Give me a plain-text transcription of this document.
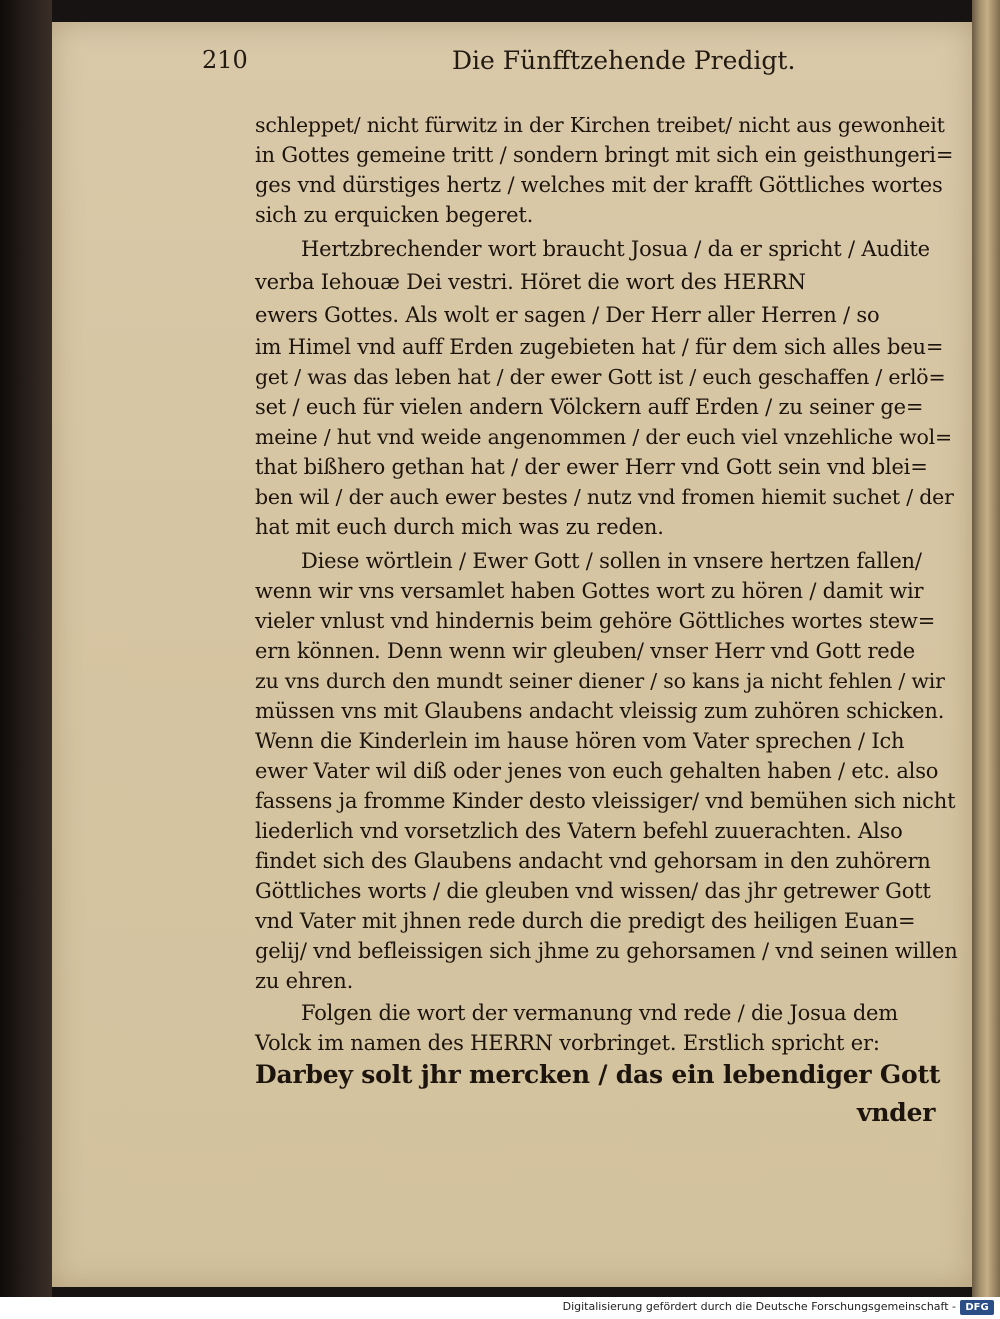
210	Die Fünfftzehende Predigt.
schleppet/ nicht fürwitz in der Kirchen treibet/ nicht aus gewonheit
in Gottes gemeine tritt / sondern bringt mit sich ein geisthungeri=
ges vnd dürstiges hertz / welches mit der krafft Göttliches wortes
sich zu erquicken begeret.
Hertzbrechender wort braucht Josua / da er spricht / Audite
verba Iehouæ Dei vestri. Höret die wort des HERRN
ewers Gottes. Als wolt er sagen / Der Herr aller Herren / so
im Himel vnd auff Erden zugebieten hat / für dem sich alles beu=
get / was das leben hat / der ewer Gott ist / euch geschaffen / erlö=
set / euch für vielen andern Völckern auff Erden / zu seiner ge=
meine / hut vnd weide angenommen / der euch viel vnzehliche wol=
that bißhero gethan hat / der ewer Herr vnd Gott sein vnd blei=
ben wil / der auch ewer bestes / nutz vnd fromen hiemit suchet / der
hat mit euch durch mich was zu reden.
Diese wörtlein / Ewer Gott / sollen in vnsere hertzen fallen/
wenn wir vns versamlet haben Gottes wort zu hören / damit wir
vieler vnlust vnd hindernis beim gehöre Göttliches wortes stew=
ern können. Denn wenn wir gleuben/ vnser Herr vnd Gott rede
zu vns durch den mundt seiner diener / so kans ja nicht fehlen / wir
müssen vns mit Glaubens andacht vleissig zum zuhören schicken.
Wenn die Kinderlein im hause hören vom Vater sprechen / Ich
ewer Vater wil diß oder jenes von euch gehalten haben / etc. also
fassens ja fromme Kinder desto vleissiger/ vnd bemühen sich nicht
liederlich vnd vorsetzlich des Vatern befehl zuuerachten. Also
findet sich des Glaubens andacht vnd gehorsam in den zuhörern
Göttliches worts / die gleuben vnd wissen/ das jhr getrewer Gott
vnd Vater mit jhnen rede durch die predigt des heiligen Euan=
gelij/ vnd befleissigen sich jhme zu gehorsamen / vnd seinen willen
zu ehren.
Folgen die wort der vermanung vnd rede / die Josua dem
Volck im namen des HERRN vorbringet. Erstlich spricht er:
Darbey solt jhr mercken / das ein lebendiger Gott
vnder
Digitalisierung gefördert durch die Deutsche Forschungsgemeinschaft - DFG
